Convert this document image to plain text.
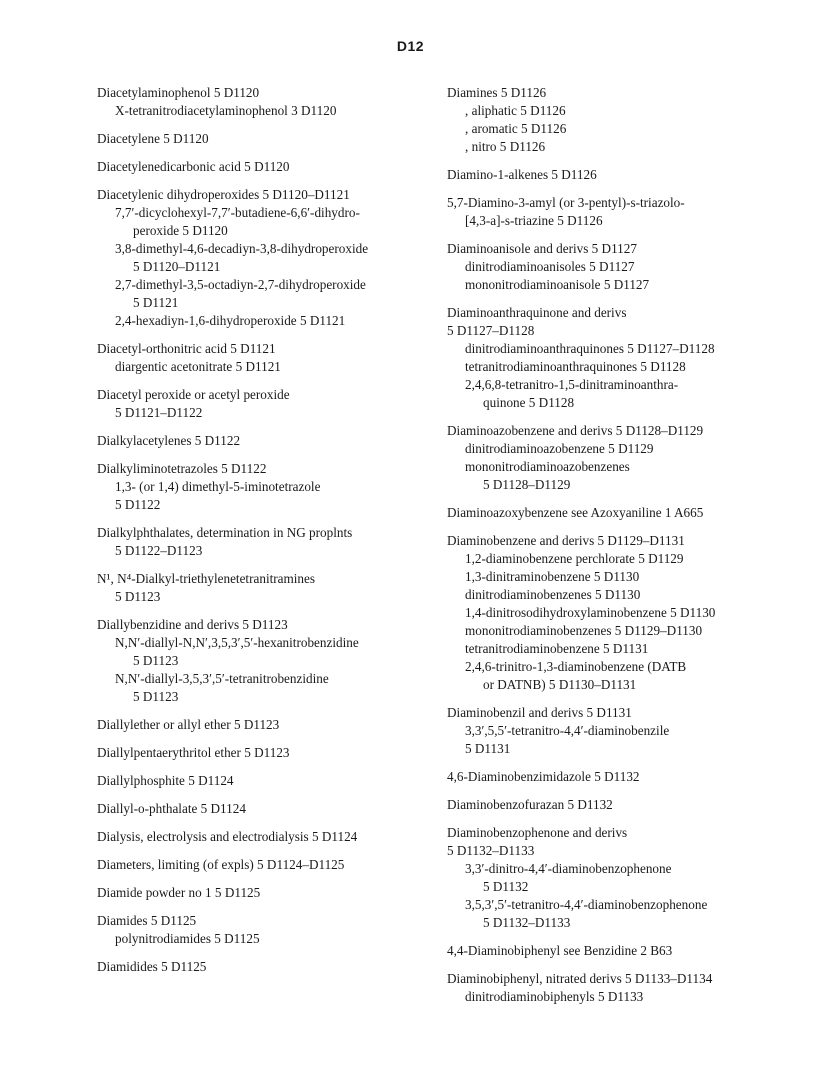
D12
Diacetylaminophenol 5 D1120
X-tetranitrodiacetylaminophenol 3 D1120
Diacetylene 5 D1120
Diacetylenedicarbonic acid 5 D1120
Diacetylenic dihydroperoxides 5 D1120–D1121
7,7′-dicyclohexyl-7,7′-butadiene-6,6′-dihydro-
peroxide 5 D1120
3,8-dimethyl-4,6-decadiyn-3,8-dihydroperoxide
5 D1120–D1121
2,7-dimethyl-3,5-octadiyn-2,7-dihydroperoxide
5 D1121
2,4-hexadiyn-1,6-dihydroperoxide 5 D1121
Diacetyl-orthonitric acid 5 D1121
diargentic acetonitrate 5 D1121
Diacetyl peroxide or acetyl peroxide
5 D1121–D1122
Dialkylacetylenes 5 D1122
Dialkyliminotetrazoles 5 D1122
1,3- (or 1,4) dimethyl-5-iminotetrazole
5 D1122
Dialkylphthalates, determination in NG proplnts
5 D1122–D1123
N¹, N⁴-Dialkyl-triethylenetetranitramines
5 D1123
Diallybenzidine and derivs 5 D1123
N,N′-diallyl-N,N′,3,5,3′,5′-hexanitrobenzidine
5 D1123
N,N′-diallyl-3,5,3′,5′-tetranitrobenzidine
5 D1123
Diallylether or allyl ether 5 D1123
Diallylpentaerythritol ether 5 D1123
Diallylphosphite 5 D1124
Diallyl-o-phthalate 5 D1124
Dialysis, electrolysis and electrodialysis 5 D1124
Diameters, limiting (of expls) 5 D1124–D1125
Diamide powder no 1 5 D1125
Diamides 5 D1125
polynitrodiamides 5 D1125
Diamidides 5 D1125
Diamines 5 D1126
, aliphatic 5 D1126
, aromatic 5 D1126
, nitro 5 D1126
Diamino-1-alkenes 5 D1126
5,7-Diamino-3-amyl (or 3-pentyl)-s-triazolo-
[4,3-a]-s-triazine 5 D1126
Diaminoanisole and derivs 5 D1127
dinitrodiaminoanisoles 5 D1127
mononitrodiaminoanisole 5 D1127
Diaminoanthraquinone and derivs
5 D1127–D1128
dinitrodiaminoanthraquinones 5 D1127–D1128
tetranitrodiaminoanthraquinones 5 D1128
2,4,6,8-tetranitro-1,5-dinitraminoanthra-
quinone 5 D1128
Diaminoazobenzene and derivs 5 D1128–D1129
dinitrodiaminoazobenzene 5 D1129
mononitrodiaminoazobenzenes
5 D1128–D1129
Diaminoazoxybenzene see Azoxyaniline 1 A665
Diaminobenzene and derivs 5 D1129–D1131
1,2-diaminobenzene perchlorate 5 D1129
1,3-dinitraminobenzene 5 D1130
dinitrodiaminobenzenes 5 D1130
1,4-dinitrosodihydroxylaminobenzene 5 D1130
mononitrodiaminobenzenes 5 D1129–D1130
tetranitrodiaminobenzene 5 D1131
2,4,6-trinitro-1,3-diaminobenzene (DATB
or DATNB) 5 D1130–D1131
Diaminobenzil and derivs 5 D1131
3,3′,5,5′-tetranitro-4,4′-diaminobenzile
5 D1131
4,6-Diaminobenzimidazole 5 D1132
Diaminobenzofurazan 5 D1132
Diaminobenzophenone and derivs
5 D1132–D1133
3,3′-dinitro-4,4′-diaminobenzophenone
5 D1132
3,5,3′,5′-tetranitro-4,4′-diaminobenzophenone
5 D1132–D1133
4,4-Diaminobiphenyl see Benzidine 2 B63
Diaminobiphenyl, nitrated derivs 5 D1133–D1134
dinitrodiaminobiphenyls 5 D1133
